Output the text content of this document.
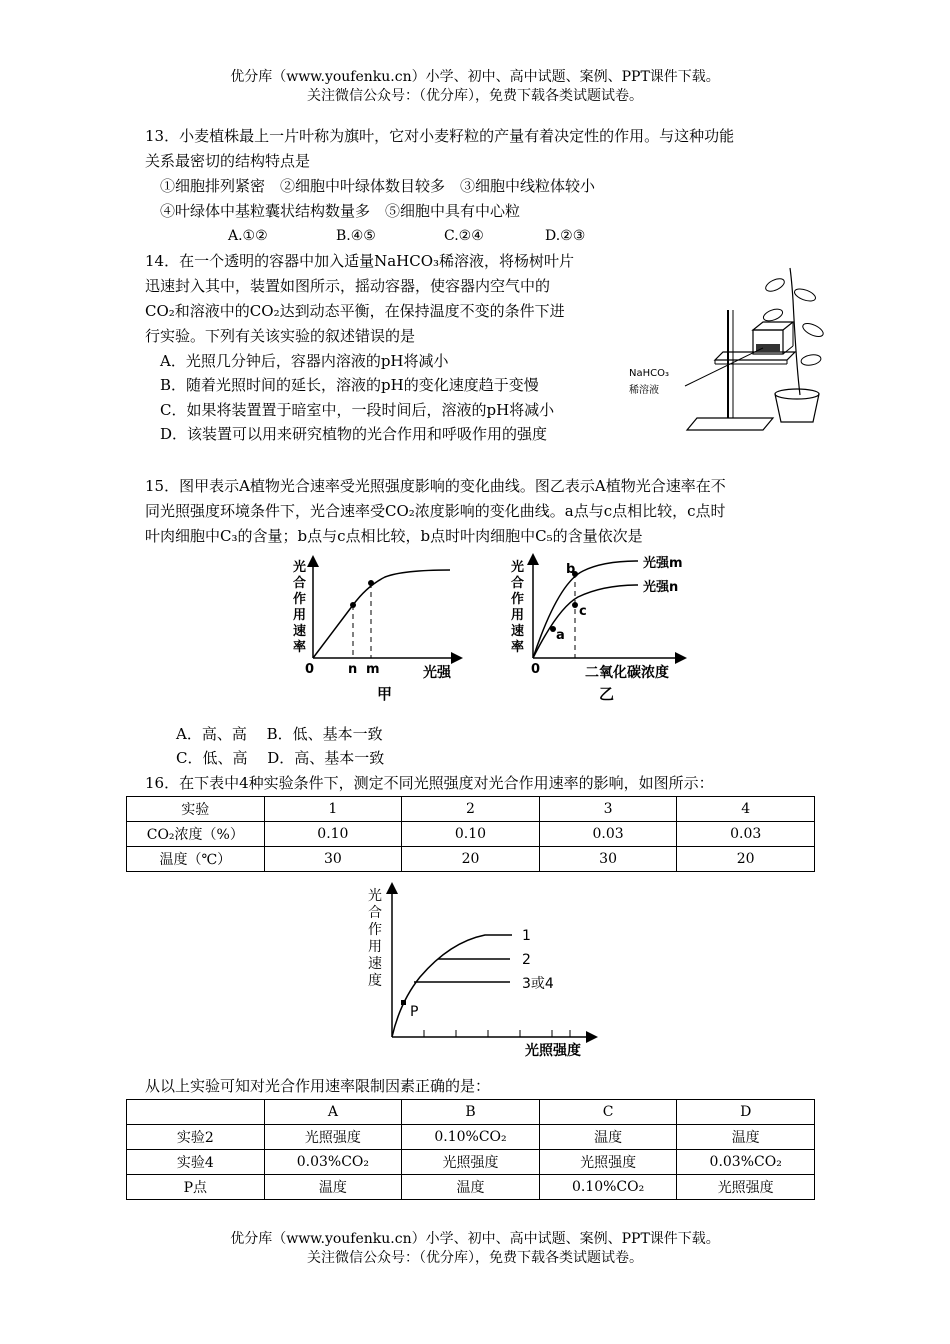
优分库（www.youfenku.cn）小学、初中、高中试题、案例、PPT课件下载。
关注微信公众号：（优分库），免费下载各类试题试卷。
13．小麦植株最上一片叶称为旗叶，它对小麦籽粒的产量有着决定性的作用。与这种功能
关系最密切的结构特点是
①细胞排列紧密　②细胞中叶绿体数目较多　③细胞中线粒体较小
④叶绿体中基粒囊状结构数量多　⑤细胞中具有中心粒
A.①②	B.④⑤	C.②④	D.②③
14．在一个透明的容器中加入适量NaHCO₃稀溶液，将杨树叶片
迅速封入其中，装置如图所示，摇动容器，使容器内空气中的
CO₂和溶液中的CO₂达到动态平衡，在保持温度不变的条件下进
行实验。下列有关该实验的叙述错误的是
A．光照几分钟后，容器内溶液的pH将减小
B．随着光照时间的延长，溶液的pH的变化速度趋于变慢
C．如果将装置置于暗室中，一段时间后，溶液的pH将减小
D．该装置可以用来研究植物的光合作用和呼吸作用的强度
NaHCO₃
稀溶液
15．图甲表示A植物光合速率受光照强度影响的变化曲线。图乙表示A植物光合速率在不
同光照强度环境条件下，光合速率受CO₂浓度影响的变化曲线。a点与c点相比较，c点时
叶肉细胞中C₃的含量；b点与c点相比较，b点时叶肉细胞中C₅的含量依次是
光
合
作
用
速
率
0	n m	光强
甲
光
合
作
用
速
率
0
a
b
c
光强m
光强n
二氧化碳浓度
乙
A．高、高　 B．低、基本一致
C．低、高　 D．高、基本一致
16．在下表中4种实验条件下，测定不同光照强度对光合作用速率的影响，如图所示：
实验	1	2	3	4
CO₂浓度（%）	0.10	0.10	0.03	0.03
温度（℃）	30	20	30	20
光
合
作
用
速
度
P
1
2
3或4
光照强度
从以上实验可知对光合作用速率限制因素正确的是：
	A	B	C	D
实验2	光照强度	0.10%CO₂	温度	温度
实验4	0.03%CO₂	光照强度	光照强度	0.03%CO₂
P点	温度	温度	0.10%CO₂	光照强度
优分库（www.youfenku.cn）小学、初中、高中试题、案例、PPT课件下载。
关注微信公众号：（优分库），免费下载各类试题试卷。
